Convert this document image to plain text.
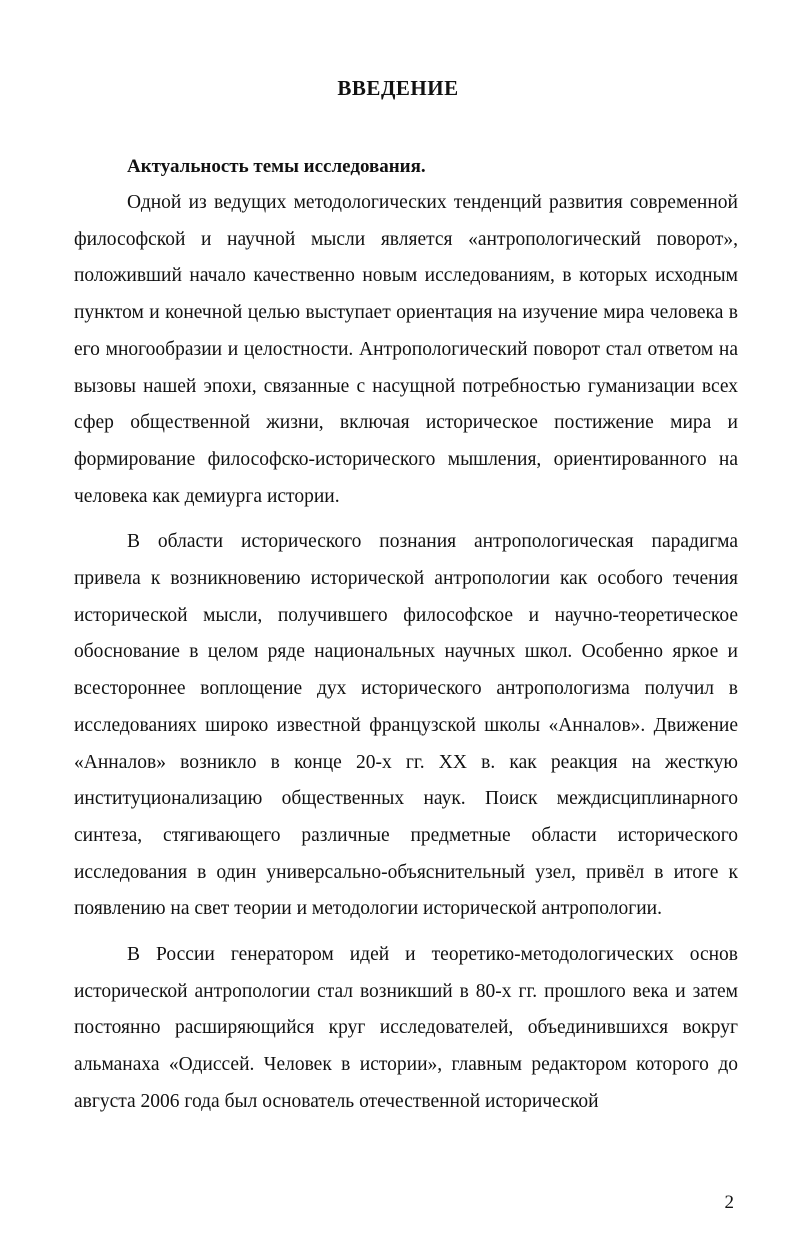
ВВЕДЕНИЕ
Актуальность темы исследования.

Одной из ведущих методологических тенденций развития современной философской и научной мысли является «антропологический поворот», положивший начало качественно новым исследованиям, в которых исходным пунктом и конечной целью выступает ориентация на изучение мира человека в его многообразии и целостности. Антропологический поворот стал ответом на вызовы нашей эпохи, связанные с насущной потребностью гуманизации всех сфер общественной жизни, включая историческое постижение мира и формирование философско-исторического мышления, ориентированного на человека как демиурга истории.

В области исторического познания антропологическая парадигма привела к возникновению исторической антропологии как особого течения исторической мысли, получившего философское и научно-теоретическое обоснование в целом ряде национальных научных школ. Особенно яркое и всестороннее воплощение дух исторического антропологизма получил в исследованиях широко известной французской школы «Анналов». Движение «Анналов» возникло в конце 20-х гг. XX в. как реакция на жесткую институционализацию общественных наук. Поиск междисциплинарного синтеза, стягивающего различные предметные области исторического исследования в один универсально-объяснительный узел, привёл в итоге к появлению на свет теории и методологии исторической антропологии.

В России генератором идей и теоретико-методологических основ исторической антропологии стал возникший в 80-х гг. прошлого века и затем постоянно расширяющийся круг исследователей, объединившихся вокруг альманаха «Одиссей. Человек в истории», главным редактором которого до августа 2006 года был основатель отечественной исторической

2
